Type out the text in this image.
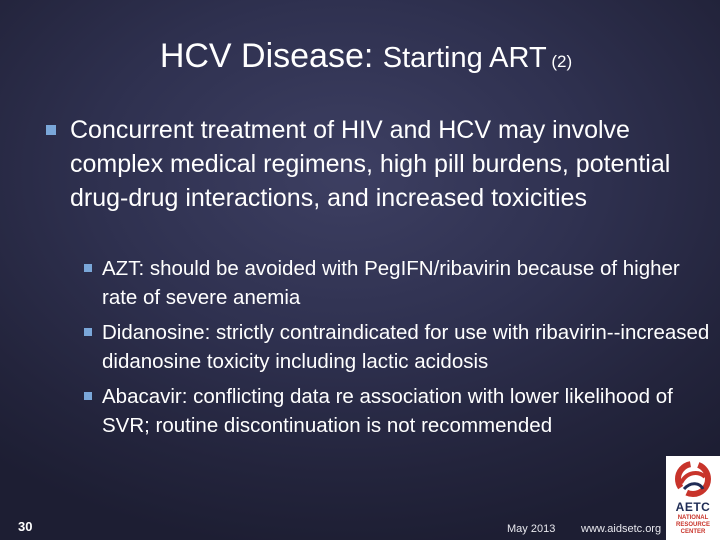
HCV Disease: Starting ART (2)
Concurrent treatment of HIV and HCV may involve complex medical regimens, high pill burdens, potential drug-drug interactions, and increased toxicities
AZT: should be avoided with PegIFN/ribavirin because of higher rate of severe anemia
Didanosine: strictly contraindicated for use with ribavirin--increased didanosine toxicity including lactic acidosis
Abacavir: conflicting data re association with lower likelihood of SVR; routine discontinuation is not recommended
30	May 2013 www.aidsetc.org
AETC
NATIONAL
RESOURCE
CENTER
